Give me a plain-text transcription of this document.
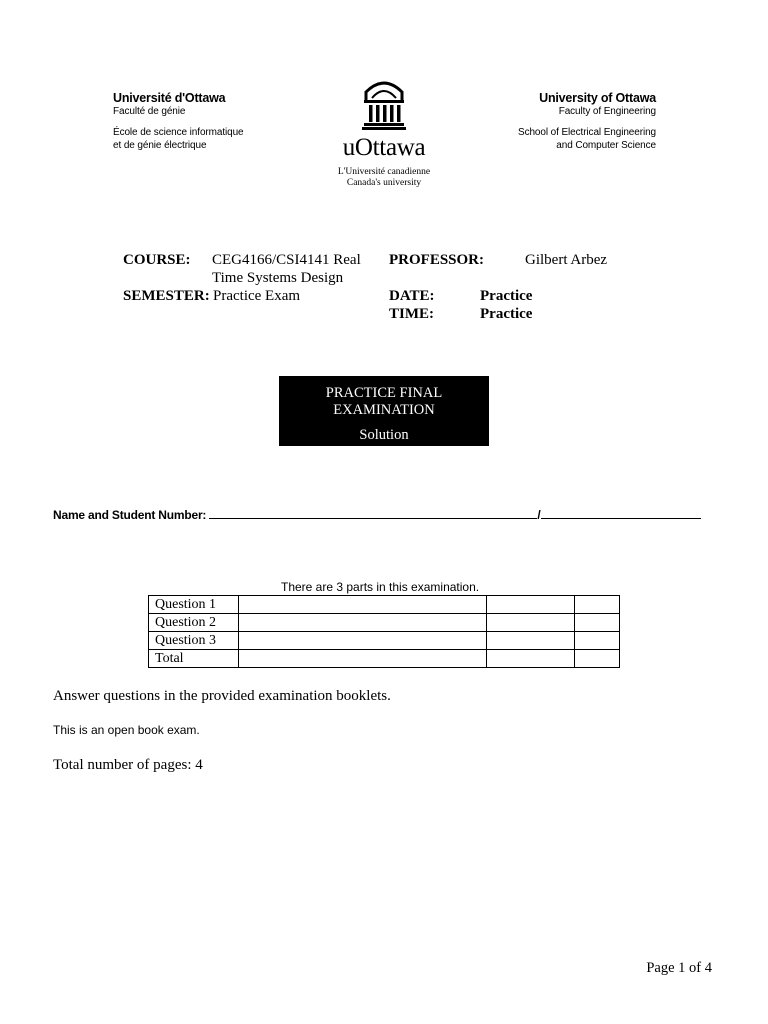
Université d'Ottawa
Faculté de génie
École de science informatique
et de génie électrique	uOttawa
L'Université canadienne
Canada's university
University of Ottawa
Faculty of Engineering
School of Electrical Engineering
and Computer Science
COURSE: CEG4166/CSI4141 Real
Time Systems Design
SEMESTER: Practice Exam
PROFESSOR:	Gilbert Arbez
DATE:	Practice
TIME:	Practice
PRACTICE FINAL
EXAMINATION
Solution
Name and Student Number:	/
There are 3 parts in this examination.
Question 1			
Question 2			
Question 3			
Total			
Answer questions in the provided examination booklets.
This is an open book exam.
Total number of pages: 4
Page 1 of 4
